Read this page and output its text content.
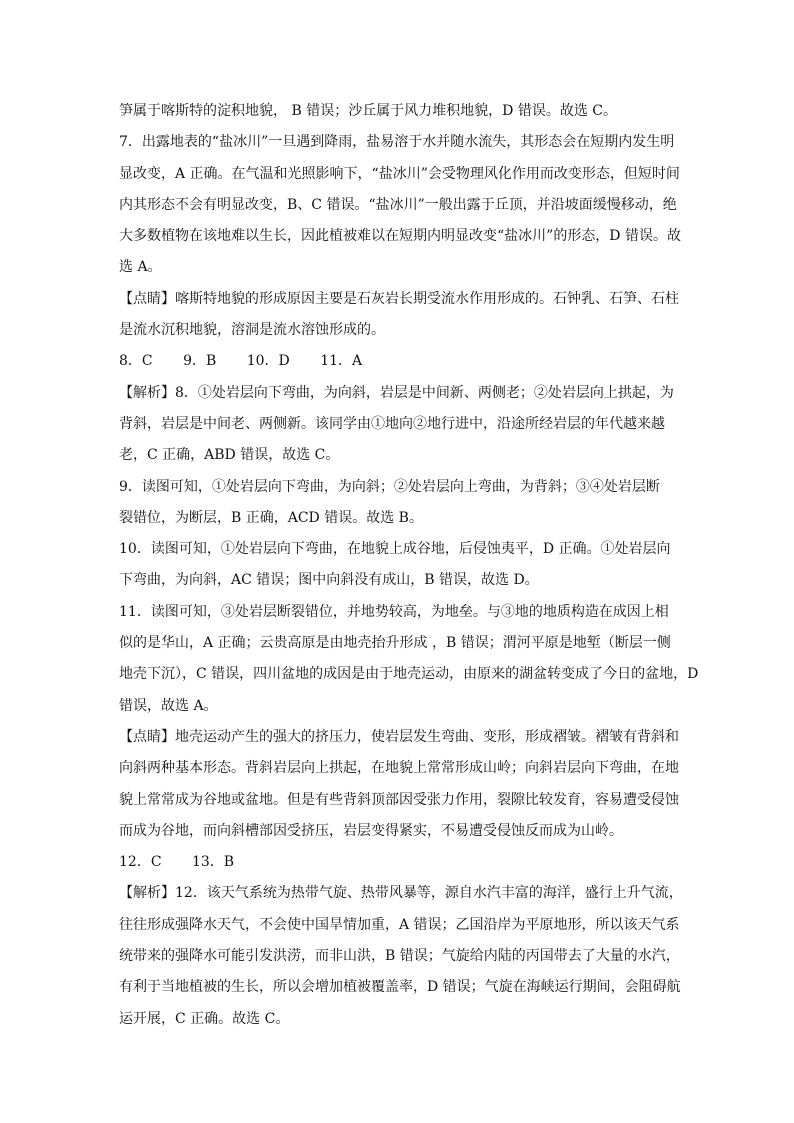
笋属于喀斯特的淀积地貌， B 错误；沙丘属于风力堆积地貌，D 错误。故选 C。
7．出露地表的“盐冰川”一旦遇到降雨，盐易溶于水并随水流失，其形态会在短期内发生明
显改变，A 正确。在气温和光照影响下，“盐冰川”会受物理风化作用而改变形态，但短时间
内其形态不会有明显改变，B、C 错误。“盐冰川”一般出露于丘顶，并沿坡面缓慢移动，绝
大多数植物在该地难以生长，因此植被难以在短期内明显改变“盐冰川”的形态，D 错误。故
选 A。
【点睛】喀斯特地貌的形成原因主要是石灰岩长期受流水作用形成的。石钟乳、石笋、石柱
是流水沉积地貌，溶洞是流水溶蚀形成的。
8．C 9．B 10．D 11．A
【解析】8．①处岩层向下弯曲，为向斜，岩层是中间新、两侧老；②处岩层向上拱起，为
背斜，岩层是中间老、两侧新。该同学由①地向②地行进中，沿途所经岩层的年代越来越
老，C 正确，ABD 错误，故选 C。
9．读图可知，①处岩层向下弯曲，为向斜；②处岩层向上弯曲，为背斜；③④处岩层断
裂错位，为断层，B 正确，ACD 错误。故选 B。
10．读图可知，①处岩层向下弯曲，在地貌上成谷地，后侵蚀夷平，D 正确。①处岩层向
下弯曲，为向斜，AC 错误；图中向斜没有成山，B 错误，故选 D。
11．读图可知，③处岩层断裂错位，并地势较高，为地垒。与③地的地质构造在成因上相
似的是华山，A 正确；云贵高原是由地壳抬升形成 ，B 错误；渭河平原是地堑（断层一侧
地壳下沉），C 错误，四川盆地的成因是由于地壳运动，由原来的湖盆转变成了今日的盆地，D
错误，故选 A。
【点睛】地壳运动产生的强大的挤压力，使岩层发生弯曲、变形，形成褶皱。褶皱有背斜和
向斜两种基本形态。背斜岩层向上拱起，在地貌上常常形成山岭；向斜岩层向下弯曲，在地
貌上常常成为谷地或盆地。但是有些背斜顶部因受张力作用，裂隙比较发育，容易遭受侵蚀
而成为谷地，而向斜槽部因受挤压，岩层变得紧实，不易遭受侵蚀反而成为山岭。
12．C 13．B
【解析】12．该天气系统为热带气旋、热带风暴等，源自水汽丰富的海洋，盛行上升气流，
往往形成强降水天气，不会使中国旱情加重，A 错误；乙国沿岸为平原地形，所以该天气系
统带来的强降水可能引发洪涝，而非山洪，B 错误；气旋给内陆的丙国带去了大量的水汽，
有利于当地植被的生长，所以会增加植被覆盖率，D 错误；气旋在海峡运行期间，会阻碍航
运开展，C 正确。故选 C。
